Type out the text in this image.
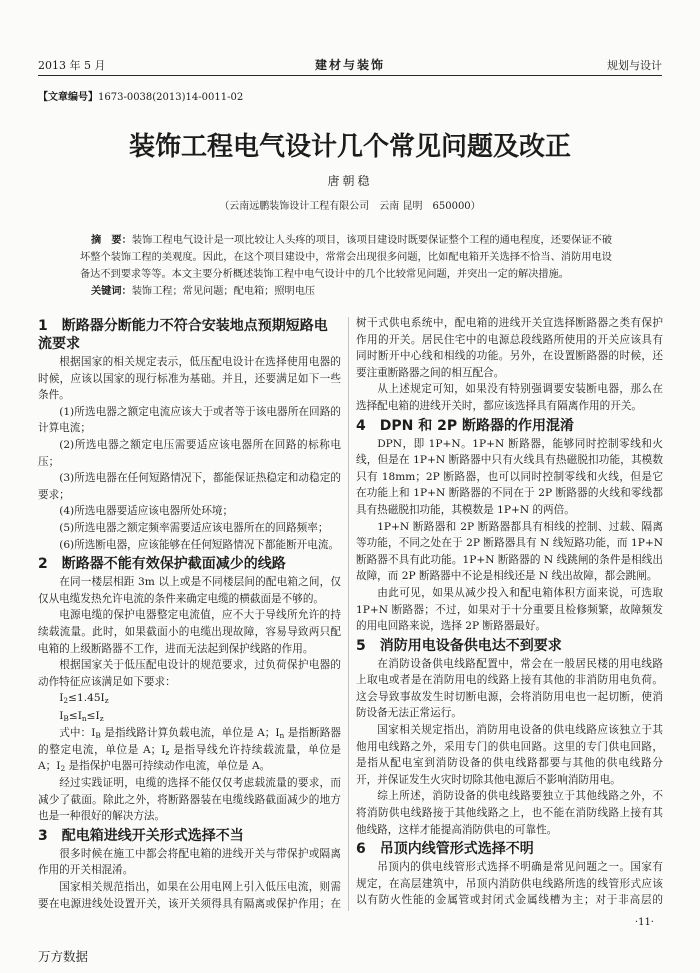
2013 年 5 月	建材与装饰	规划与设计
【文章编号】1673-0038(2013)14-0011-02
装饰工程电气设计几个常见问题及改正
唐朝稳
（云南远鹏装饰设计工程有限公司　云南 昆明　650000）

摘　要：装饰工程电气设计是一项比较让人头疼的项目，该项目建设时既要保证整个工程的通电程度，还要保证不破坏整个装饰工程的美观度。因此，在这个项目建设中，常常会出现很多问题，比如配电箱开关选择不恰当、消防用电设备达不到要求等等。本文主要分析概述装饰工程中电气设计中的几个比较常见问题，并突出一定的解决措施。

关键词：装饰工程；常见问题；配电箱；照明电压

1 断路器分断能力不符合安装地点预期短路电流要求

根据国家的相关规定表示，低压配电设计在选择使用电器的时候，应该以国家的现行标准为基础。并且，还要满足如下一些条件。

(1)所选电器之额定电流应该大于或者等于该电器所在回路的计算电流；

(2)所选电器之额定电压需要适应该电器所在回路的标称电压；

(3)所选电器在任何短路情况下，都能保证热稳定和动稳定的要求；

(4)所选电器要适应该电器所处环境；

(5)所选电器之额定频率需要适应该电器所在的回路频率；

(6)所选断电器，应该能够在任何短路情况下都能断开电流。

2 断路器不能有效保护截面减少的线路

在同一楼层相距 3m 以上或是不同楼层间的配电箱之间，仅仅从电缆发热允许电流的条件来确定电缆的横截面是不够的。

电源电缆的保护电器整定电流值，应不大于导线所允许的持续载流量。此时，如果截面小的电缆出现故障，容易导致两只配电箱的上级断路器不工作，进而无法起到保护线路的作用。

根据国家关于低压配电设计的规范要求，过负荷保护电器的动作特征应该满足如下要求：

$I_2\le 1.45I_z$
$I_B\le I_n\le I_z$

式中：$I_B$ 是指线路计算负载电流，单位是 A；$I_n$ 是指断路器的整定电流，单位是 A；$I_z$ 是指导线允许持续载流量，单位是 A；$I_2$ 是指保护电器可持续动作电流，单位是 A。

经过实践证明，电缆的选择不能仅仅考虑载流量的要求，而减少了截面。除此之外，将断路器装在电缆线路截面减少的地方也是一种很好的解决方法。

3 配电箱进线开关形式选择不当

很多时候在施工中都会将配电箱的进线开关与带保护或隔离作用的开关相混淆。

国家相关规范指出，如果在公用电网上引入低压电流，则需要在电源进线处设置开关，该开关须得具有隔离或保护作用；在

树干式供电系统中，配电箱的进线开关宜选择断路器之类有保护作用的开关。居民住宅中的电源总段线路所使用的开关应该具有同时断开中心线和相线的功能。另外，在设置断路器的时候，还要注重断路器之间的相互配合。

从上述规定可知，如果没有特别强调要安装断电器，那么在选择配电箱的进线开关时，都应该选择具有隔离作用的开关。

4 DPN 和 2P 断路器的作用混淆

DPN，即 1P+N。1P+N 断路器，能够同时控制零线和火线，但是在 1P+N 断路器中只有火线具有热磁脱扣功能，其模数只有 18mm；2P 断路器，也可以同时控制零线和火线，但是它在功能上和 1P+N 断路器的不同在于 2P 断路器的火线和零线都具有热磁脱扣功能，其模数是 1P+N 的两倍。

1P+N 断路器和 2P 断路器都具有相线的控制、过载、隔离等功能，不同之处在于 2P 断路器具有 N 线短路功能，而 1P+N 断路器不具有此功能。1P+N 断路器的 N 线跳闸的条件是相线出故障，而 2P 断路器中不论是相线还是 N 线出故障，都会跳闸。

由此可见，如果从减少投入和配电箱体积方面来说，可选取 1P+N 断路器；不过，如果对于十分重要且检修频繁，故障频发的用电回路来说，选择 2P 断路器最好。

5 消防用电设备供电达不到要求

在消防设备供电线路配置中，常会在一般居民楼的用电线路上取电或者是在消防用电的线路上接有其他的非消防用电负荷。这会导致事故发生时切断电源，会将消防用电也一起切断，使消防设备无法正常运行。

国家相关规定指出，消防用电设备的供电线路应该独立于其他用电线路之外，采用专门的供电回路。这里的专门供电回路，是指从配电室到消防设备的供电线路都要与其他的供电线路分开，并保证发生火灾时切除其他电源后不影响消防用电。

综上所述，消防设备的供电线路要独立于其他线路之外，不将消防供电线路接于其他线路之上，也不能在消防线路上接有其他线路，这样才能提高消防供电的可靠性。

6 吊顶内线管形式选择不明

吊顶内的供电线管形式选择不明确是常见问题之一。国家有规定，在高层建筑中，吊顶内消防供电线路所选的线管形式应该以有防火性能的金属管或封闭式金属线槽为主；对于非高层的

·11·
万方数据
